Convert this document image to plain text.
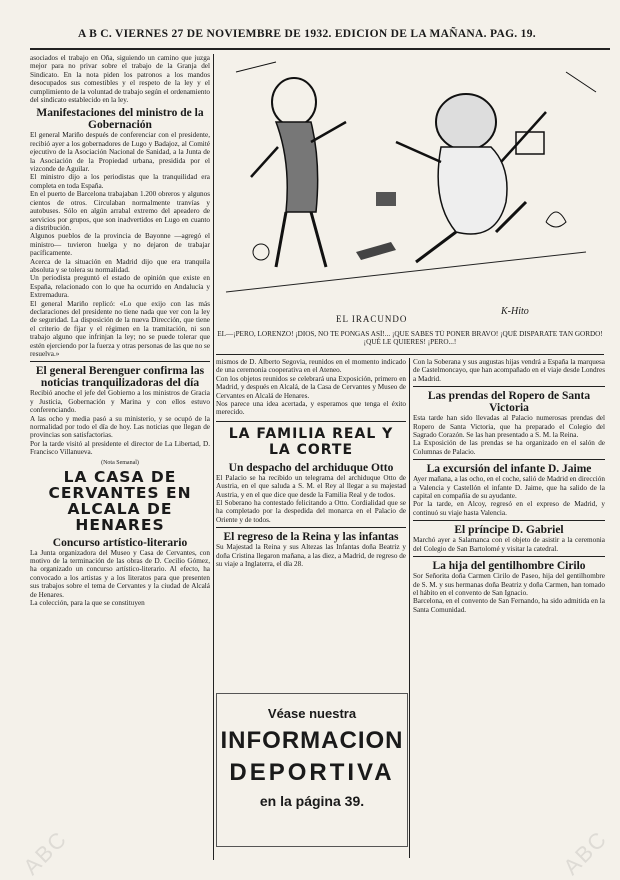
A B C. VIERNES 27 DE NOVIEMBRE DE 1932. EDICION DE LA MAÑANA. PAG. 19.
ABC
ABC

asociados el trabajo en Oña, siguiendo un camino que juzga mejor para no privar sobre el trabajo de la Granja del Sindicato. En la nota piden los patronos a los mandos desocupados sus comestibles y el respeto de la ley y el cumplimiento de la voluntad de trabajo según el ordenamiento del sindicato establecido en la ley.

Manifestaciones del ministro de la Gobernación

El general Mariño después de conferenciar con el presidente, recibió ayer a los gobernadores de Lugo y Badajoz, al Comité ejecutivo de la Asociación Nacional de Sanidad, a la Junta de la Asociación de la Propiedad urbana, presidida por el vizconde de Aguilar.

El ministro dijo a los periodistas que la tranquilidad era completa en toda España.

En el puerto de Barcelona trabajaban 1.200 obreros y algunos cientos de otros. Circulaban normalmente tranvías y autobuses. Sólo en algún arrabal extremo del apeadero de servicios por grupos, que son inadvertidos en Lugo en cuanto a distribución.

Algunos pueblos de la provincia de Bayonne —agregó el ministro— tuvieron huelga y no dejaron de trabajar pacíficamente.

Acerca de la situación en Madrid dijo que era tranquila absoluta y se tolera su normalidad.

Un periodista preguntó el estado de opinión que existe en España, relacionado con lo que ha ocurrido en Andalucía y Extremadura.

El general Mariño replicó: «Lo que exijo con las más declaraciones del presidente no tiene nada que ver con la ley de seguridad. La disposición de la nueva Dirección, que tiene el criterio de fijar y el régimen en la tramitación, ni son trabajo alguno que infrinjan la ley; no se puede tolerar que estén ejerciendo por la fuerza y otras personas de las que no se resuelva.»

El general Berenguer confirma las noticias tranquilizadoras del día

Recibió anoche el jefe del Gobierno a los ministros de Gracia y Justicia, Gobernación y Marina y con ellos estuvo conferenciando.

A las ocho y media pasó a su ministerio, y se ocupó de la normalidad por todo el día de hoy. Las noticias que llegan de provincias son satisfactorias.

Por la tarde visitó al presidente el director de La Libertad, D. Francisco Villanueva.

(Nota Semanal)

LA CASA DE CERVANTES EN ALCALA DE HENARES

Concurso artístico-literario

La Junta organizadora del Museo y Casa de Cervantes, con motivo de la terminación de las obras de D. Cecilio Gómez, ha organizado un concurso artístico-literario. Al efecto, ha convocado a los artistas y a los literatos para que presenten sus trabajos sobre el tema de Cervantes y la ciudad de Alcalá de Henares.

La colección, para la que se constituyen

EL IRACUNDO
K-Hito

EL—¡PERO, LORENZO! ¡DIOS, NO TE PONGAS ASÍ!... ¡QUE SABES TÚ PONER BRAVO! ¡QUÉ DISPARATE TAN GORDO! ¡QUÉ LE QUIERES! ¡PERO...!

mismos de D. Alberto Segovia, reunidos en el momento indicado de una ceremonia cooperativa en el Ateneo.

Con los objetos reunidos se celebrará una Exposición, primero en Madrid, y después en Alcalá, de la Casa de Cervantes y Museo de Cervantes en Alcalá de Henares.

Nos parece una idea acertada, y esperamos que tenga el éxito merecido.

LA FAMILIA REAL Y LA CORTE

Un despacho del archiduque Otto

El Palacio se ha recibido un telegrama del archiduque Otto de Austria, en el que saluda a S. M. el Rey al llegar a su majestad Austria, y en el que dice que desde la Familia Real y de todos.

El Soberano ha contestado felicitando a Otto. Cordialidad que se ha completado por la despedida del monarca en el Palacio de Oriente y de todos.

El regreso de la Reina y las infantas

Su Majestad la Reina y sus Altezas las Infantas doña Beatriz y doña Cristina llegaron mañana, a las diez, a Madrid, de regreso de su viaje a Inglaterra, el día 28.

Véase nuestra
INFORMACION
DEPORTIVA
en la página 39.

Con la Soberana y sus augustas hijas vendrá a España la marquesa de Castelmoncayo, que han acompañado en el viaje desde Londres a Madrid.

Las prendas del Ropero de Santa Victoria

Esta tarde han sido llevadas al Palacio numerosas prendas del Ropero de Santa Victoria, que ha preparado el Colegio del Sagrado Corazón. Se las han presentado a S. M. la Reina.

La Exposición de las prendas se ha organizado en el salón de Columnas de Palacio.

La excursión del infante D. Jaime

Ayer mañana, a las ocho, en el coche, salió de Madrid en dirección a Valencia y Castellón el infante D. Jaime, que ha salido de la capital en compañía de su ayudante.

Por la tarde, en Alcoy, regresó en el expreso de Madrid, y continuó su viaje hasta Valencia.

El príncipe D. Gabriel

Marchó ayer a Salamanca con el objeto de asistir a la ceremonia del Colegio de San Bartolomé y visitar la catedral.

La hija del gentilhombre Cirilo

Sor Señorita doña Carmen Cirilo de Paseo, hija del gentilhombre de S. M. y sus hermanas doña Beatriz y doña Carmen, han tomado el hábito en el convento de San Ignacio.

Barcelona, en el convento de San Fernando, ha sido admitida en la Santa Comunidad.
